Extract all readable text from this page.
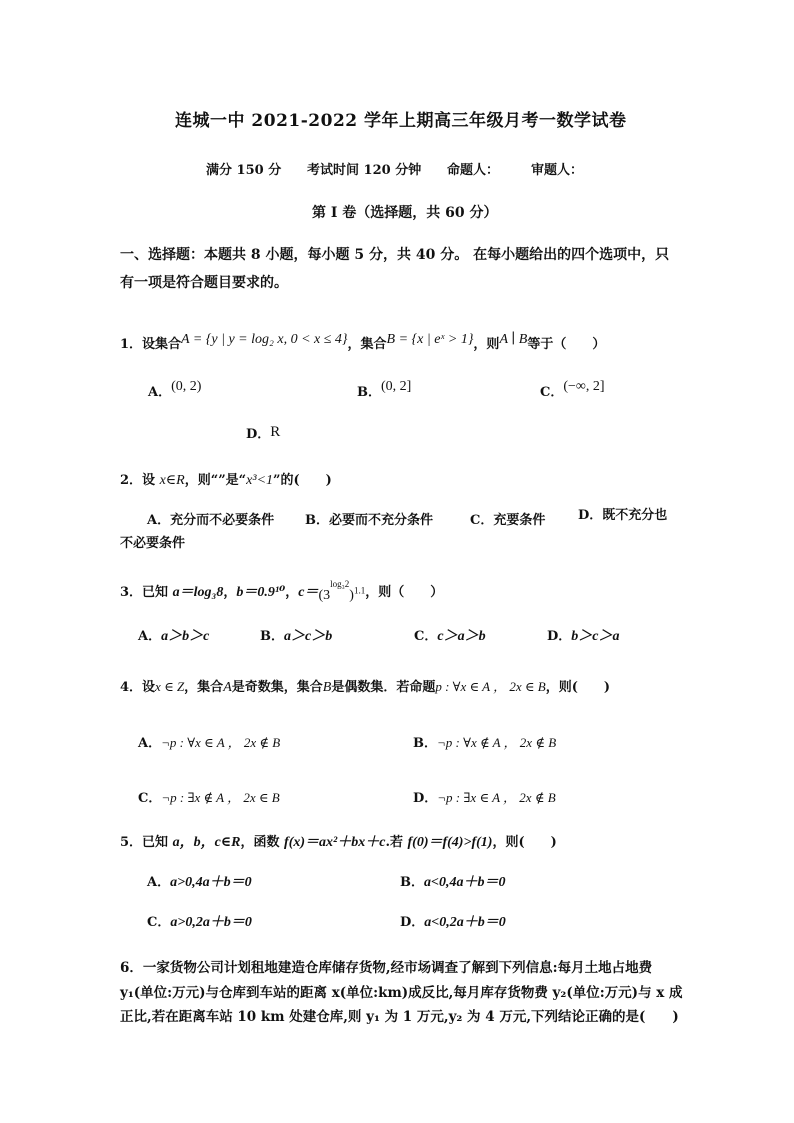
连城一中 2021-2022 学年上期高三年级月考一数学试卷
满分 150 分 考试时间 120 分钟 命题人： 审题人：
第 I 卷（选择题，共 60 分）
一、选择题：本题共 8 小题，每小题 5 分，共 40 分。 在每小题给出的四个选项中，只有一项是符合题目要求的。
1．设集合A = {y | y = log₂ x, 0 < x ≤ 4}，集合B = {x | eˣ > 1}，则A ∣ B等于（　　）
A．(0, 2)	B．(0, 2]	C．(−∞, 2]
D．R
2．设 x∈R，则“”是“x³<1”的(　　)
A．充分而不必要条件 B．必要而不充分条件	C．充要条件	D．既不充分也不必要条件
3．已知 a＝log₃8，b＝0.9¹⁰，$c=(3^{log_32})^{1.1}$，则（　　）
A．a＞b＞c	B．a＞c＞b	C．c＞a＞b	D．b＞c＞a
4．设x ∈ Z，集合A是奇数集，集合B是偶数集．若命题p : ∀x ∈ A ， 2x ∈ B，则(　　)
A．¬p : ∀x ∈ A ， 2x ∉ B	B．¬p : ∀x ∉ A ， 2x ∉ B
C．¬p : ∃x ∉ A ， 2x ∈ B	D．¬p : ∃x ∈ A ， 2x ∉ B
5．已知 a，b，c∈R，函数 f(x)＝ax²＋bx＋c.若 f(0)＝f(4)>f(1)，则(　　)
A．a>0,4a＋b＝0	B．a<0,4a＋b＝0
C．a>0,2a＋b＝0	D．a<0,2a＋b＝0
6．一家货物公司计划租地建造仓库储存货物,经市场调查了解到下列信息:每月土地占地费
y₁(单位:万元)与仓库到车站的距离 x(单位:km)成反比,每月库存货物费 y₂(单位:万元)与 x 成
正比,若在距离车站 10 km 处建仓库,则 y₁ 为 1 万元,y₂ 为 4 万元,下列结论正确的是(　　)
